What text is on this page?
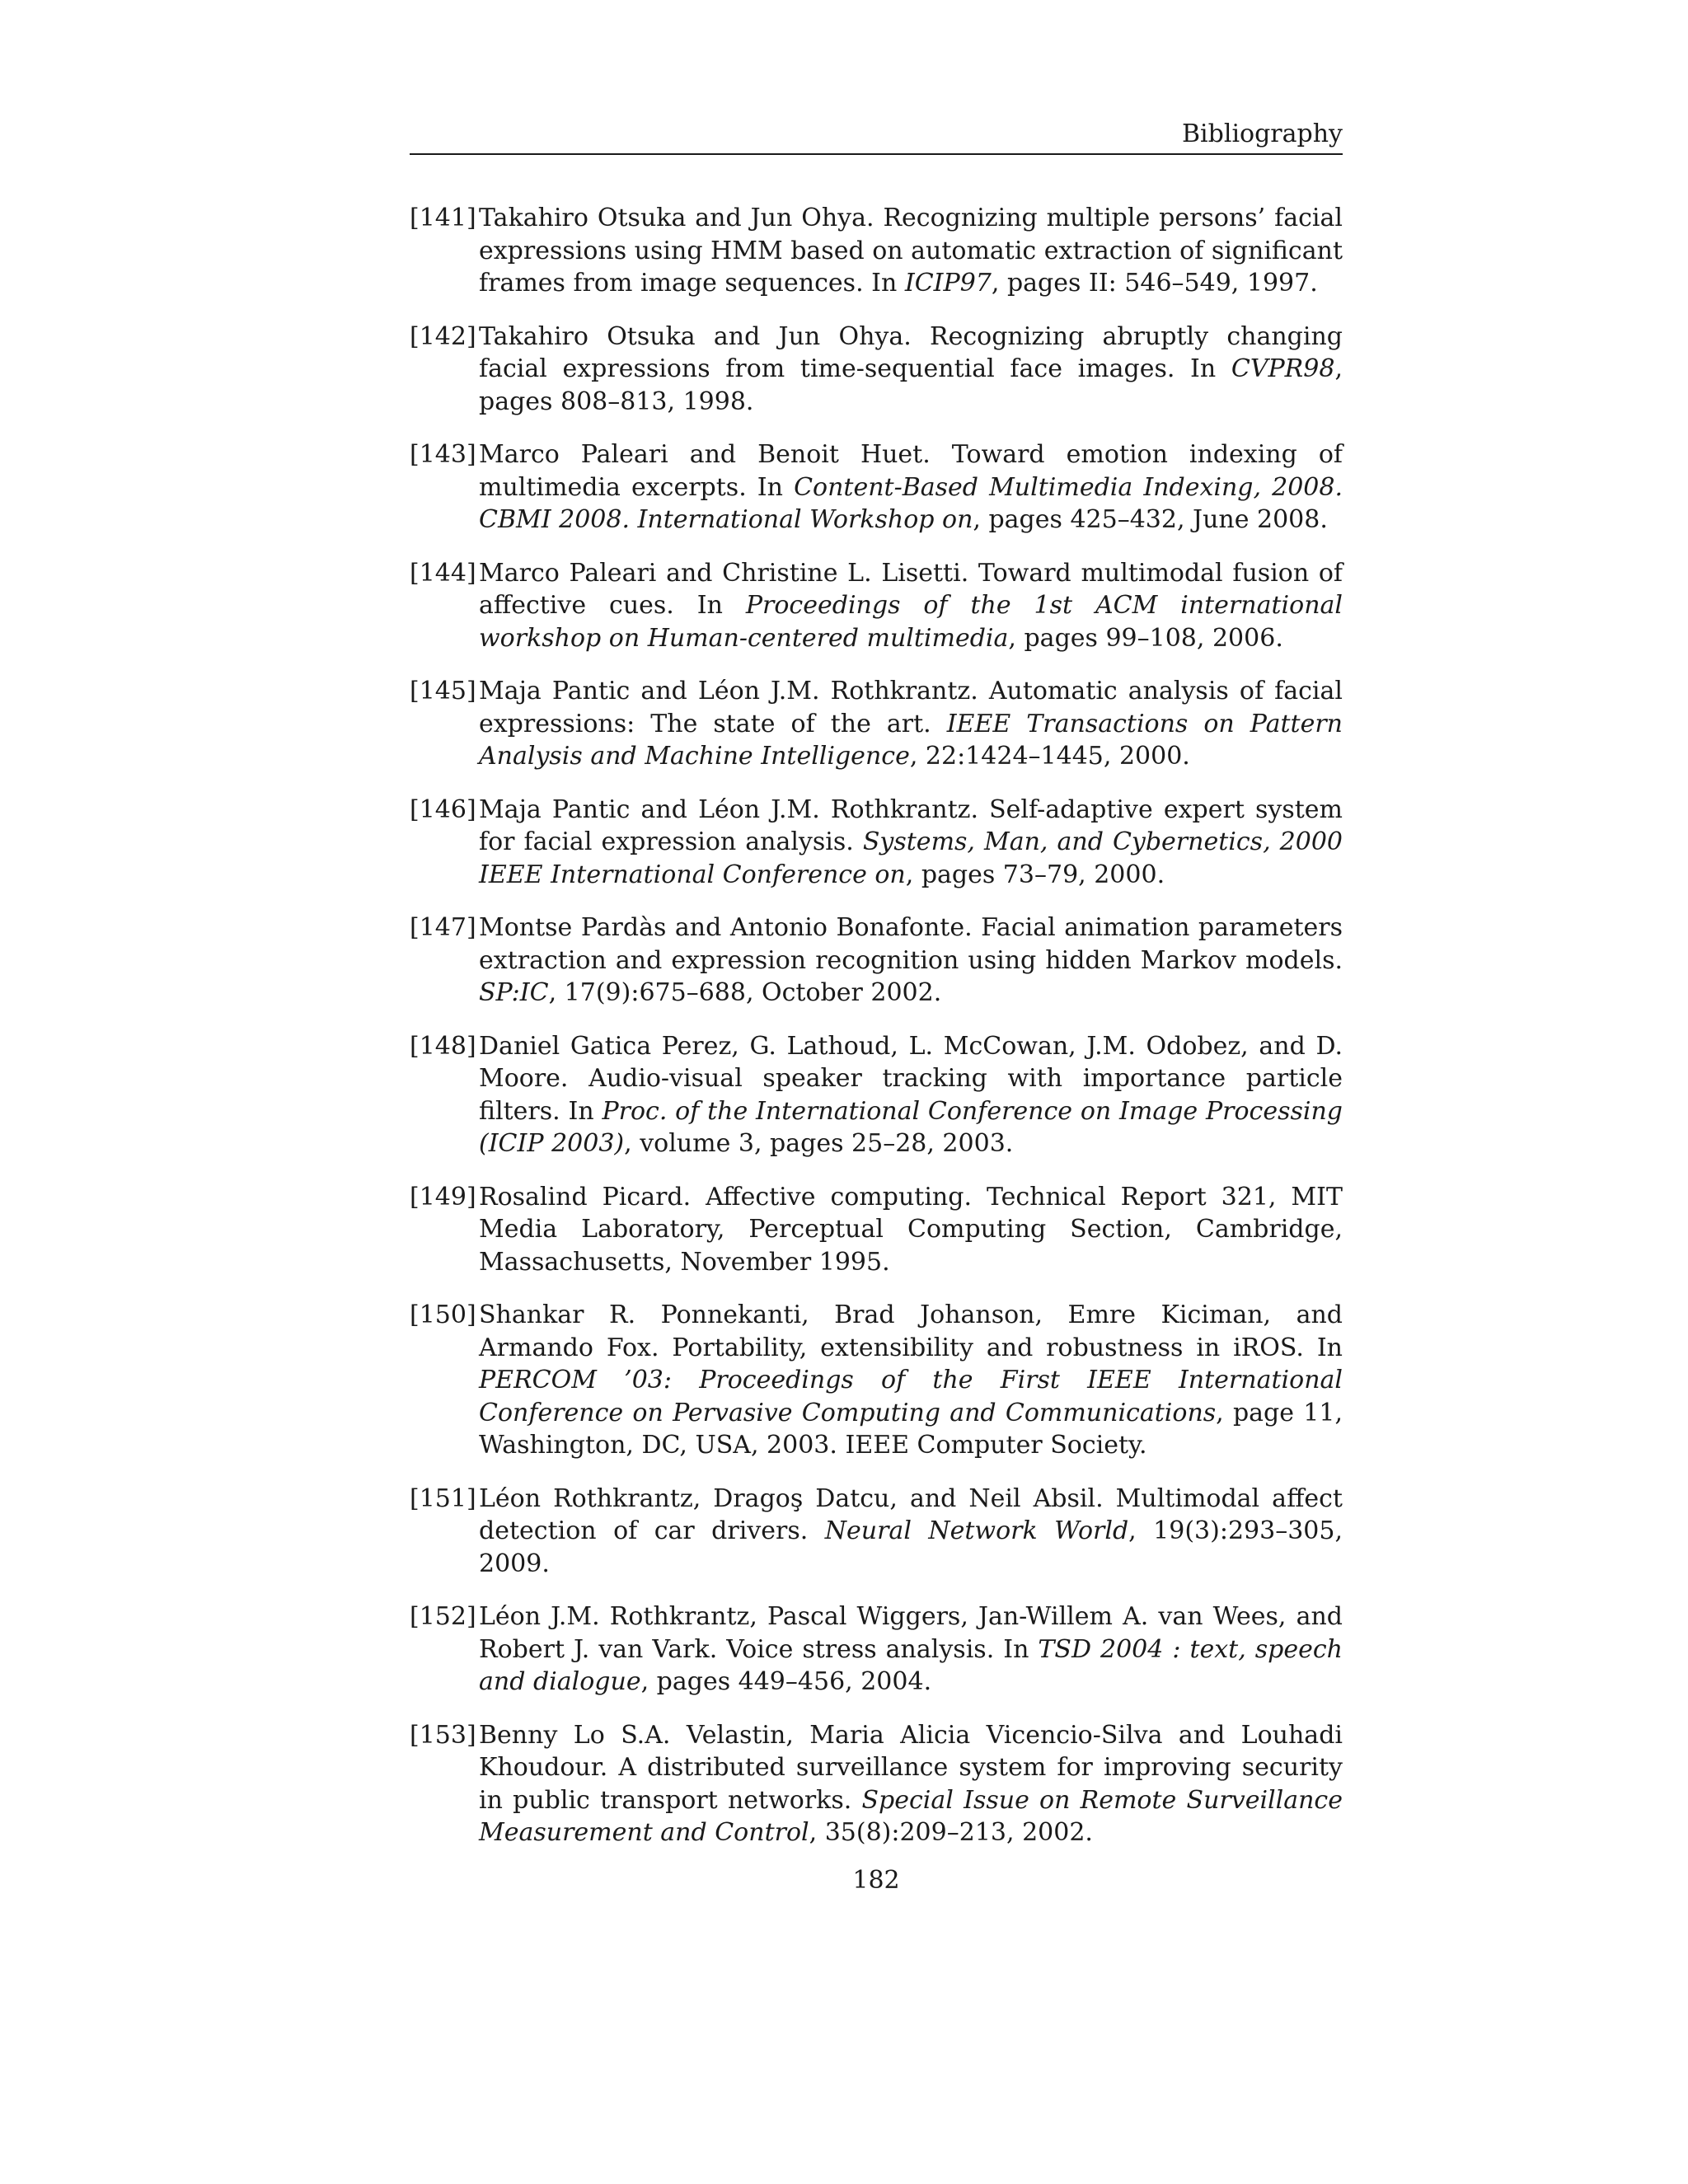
Bibliography
[141] Takahiro Otsuka and Jun Ohya. Recognizing multiple persons’ facial expressions using HMM based on automatic extraction of significant frames from image sequences. In ICIP97, pages II: 546–549, 1997.
[142] Takahiro Otsuka and Jun Ohya. Recognizing abruptly changing facial expressions from time-sequential face images. In CVPR98, pages 808–813, 1998.
[143] Marco Paleari and Benoit Huet. Toward emotion indexing of multimedia excerpts. In Content-Based Multimedia Indexing, 2008. CBMI 2008. International Workshop on, pages 425–432, June 2008.
[144] Marco Paleari and Christine L. Lisetti. Toward multimodal fusion of affective cues. In Proceedings of the 1st ACM international workshop on Human-centered multimedia, pages 99–108, 2006.
[145] Maja Pantic and Léon J.M. Rothkrantz. Automatic analysis of facial expressions: The state of the art. IEEE Transactions on Pattern Analysis and Machine Intelligence, 22:1424–1445, 2000.
[146] Maja Pantic and Léon J.M. Rothkrantz. Self-adaptive expert system for facial expression analysis. Systems, Man, and Cybernetics, 2000 IEEE International Conference on, pages 73–79, 2000.
[147] Montse Pardàs and Antonio Bonafonte. Facial animation parameters extraction and expression recognition using hidden Markov models. SP:IC, 17(9):675–688, October 2002.
[148] Daniel Gatica Perez, G. Lathoud, L. McCowan, J.M. Odobez, and D. Moore. Audio-visual speaker tracking with importance particle filters. In Proc. of the International Conference on Image Processing (ICIP 2003), volume 3, pages 25–28, 2003.
[149] Rosalind Picard. Affective computing. Technical Report 321, MIT Media Laboratory, Perceptual Computing Section, Cambridge, Massachusetts, November 1995.
[150] Shankar R. Ponnekanti, Brad Johanson, Emre Kiciman, and Armando Fox. Portability, extensibility and robustness in iROS. In PERCOM ’03: Proceedings of the First IEEE International Conference on Pervasive Computing and Communications, page 11, Washington, DC, USA, 2003. IEEE Computer Society.
[151] Léon Rothkrantz, Dragoş Datcu, and Neil Absil. Multimodal affect detection of car drivers. Neural Network World, 19(3):293–305, 2009.
[152] Léon J.M. Rothkrantz, Pascal Wiggers, Jan-Willem A. van Wees, and Robert J. van Vark. Voice stress analysis. In TSD 2004 : text, speech and dialogue, pages 449–456, 2004.
[153] Benny Lo S.A. Velastin, Maria Alicia Vicencio-Silva and Louhadi Khoudour. A distributed surveillance system for improving security in public transport networks. Special Issue on Remote Surveillance Measurement and Control, 35(8):209–213, 2002.
182
